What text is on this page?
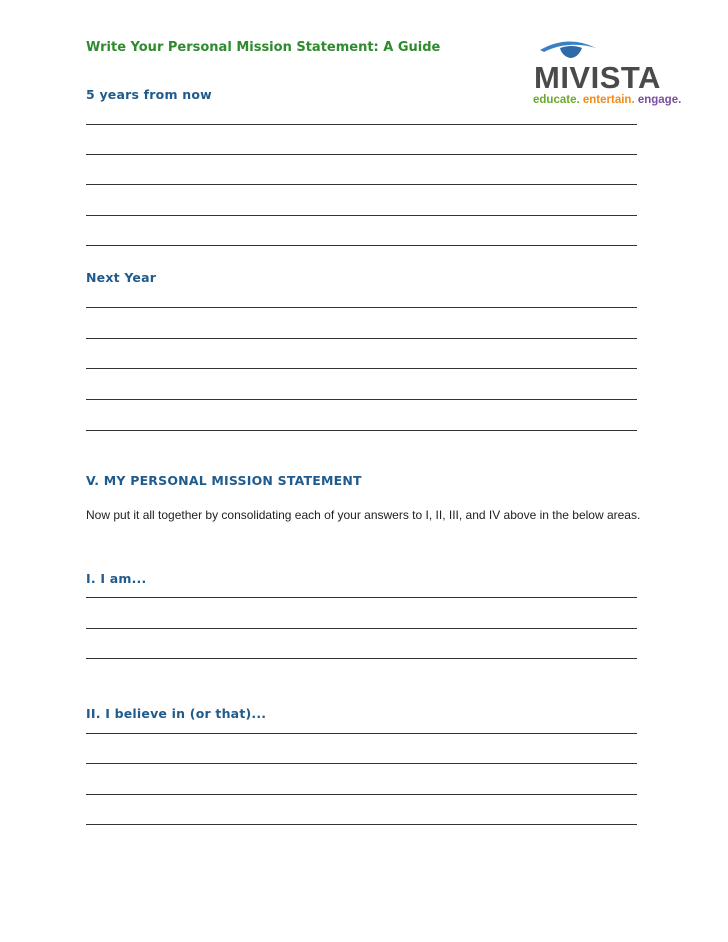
Write Your Personal Mission Statement: A Guide
MIVISTA
educate. entertain. engage.
5 years from now
Next Year
V. MY PERSONAL MISSION STATEMENT
Now put it all together by consolidating each of your answers to I, II, III, and IV above in the below areas.
I. I am...
II. I believe in (or that)...
